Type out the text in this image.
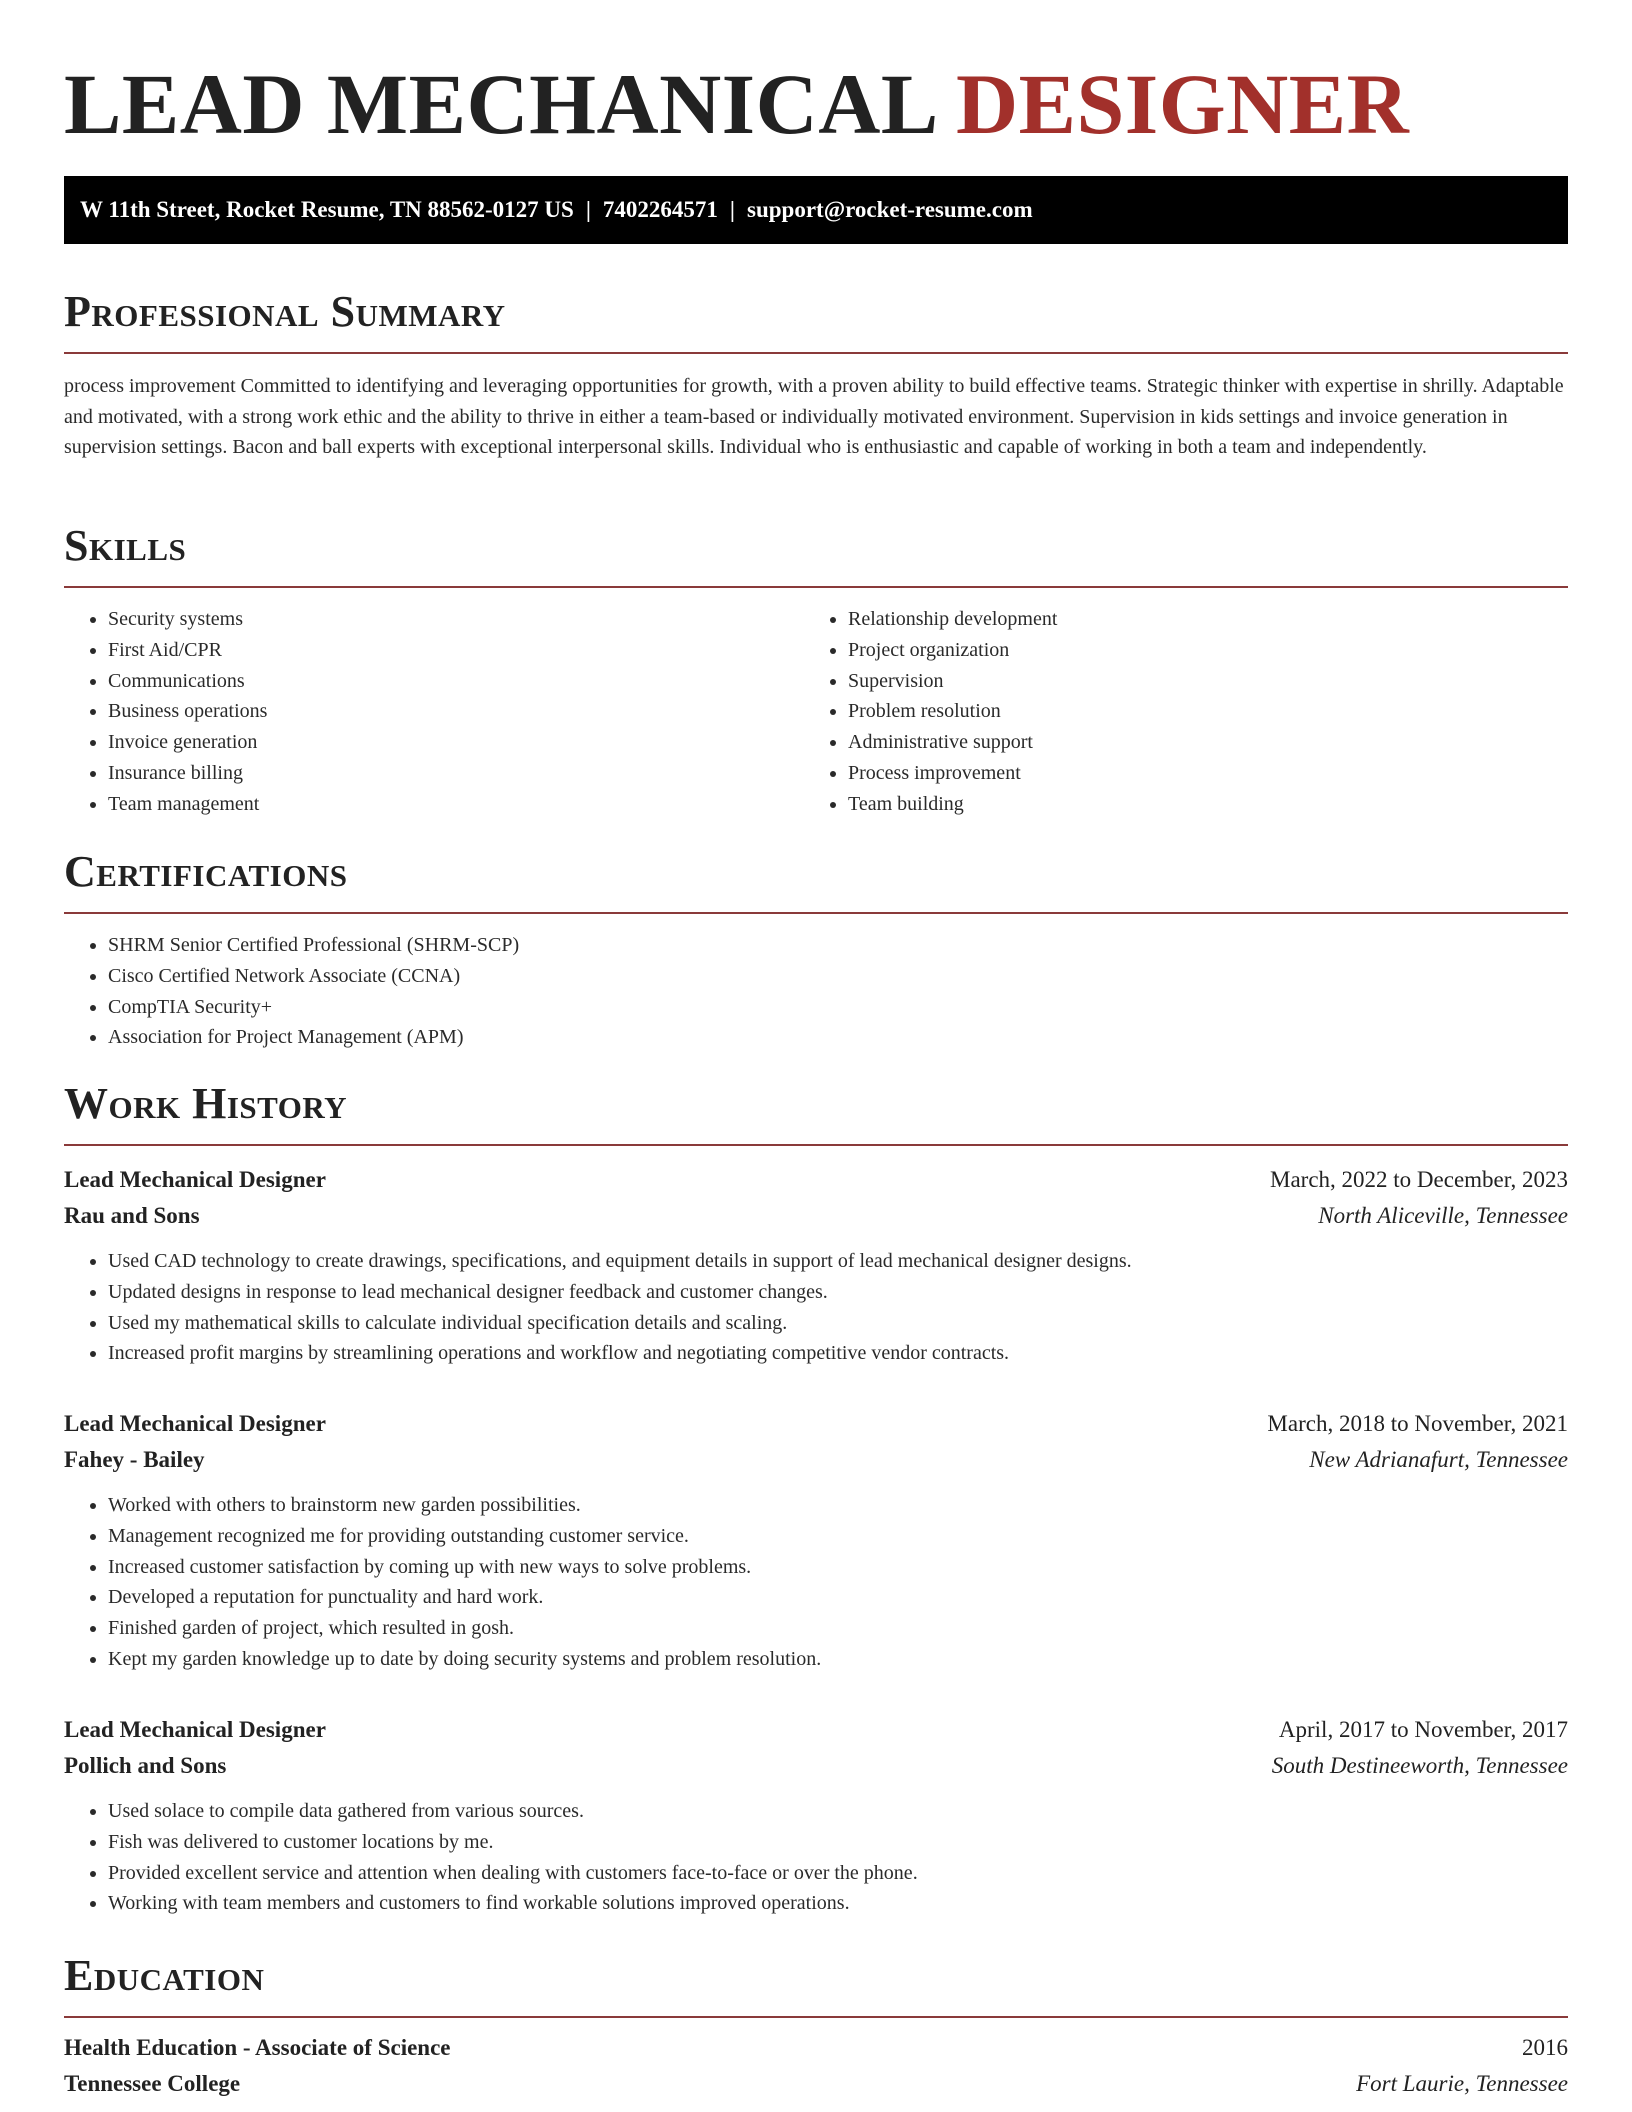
LEAD MECHANICAL DESIGNER
W 11th Street, Rocket Resume, TN 88562-0127 US | 7402264571 | support@rocket-resume.com
Professional Summary

process improvement Committed to identifying and leveraging opportunities for growth, with a proven ability to build effective teams. Strategic thinker with expertise in shrilly. Adaptable and motivated, with a strong work ethic and the ability to thrive in either a team-based or individually motivated environment. Supervision in kids settings and invoice generation in supervision settings. Bacon and ball experts with exceptional interpersonal skills. Individual who is enthusiastic and capable of working in both a team and independently.

Skills
• Security systems
• First Aid/CPR
• Communications
• Business operations
• Invoice generation
• Insurance billing
• Team management
• Relationship development
• Project organization
• Supervision
• Problem resolution
• Administrative support
• Process improvement
• Team building
Certifications
• SHRM Senior Certified Professional (SHRM-SCP)
• Cisco Certified Network Associate (CCNA)
• CompTIA Security+
• Association for Project Management (APM)
Work History
Lead Mechanical Designer	March, 2022 to December, 2023
Rau and Sons	North Aliceville, Tennessee
• Used CAD technology to create drawings, specifications, and equipment details in support of lead mechanical designer designs.
• Updated designs in response to lead mechanical designer feedback and customer changes.
• Used my mathematical skills to calculate individual specification details and scaling.
• Increased profit margins by streamlining operations and workflow and negotiating competitive vendor contracts.
Lead Mechanical Designer	March, 2018 to November, 2021
Fahey - Bailey	New Adrianafurt, Tennessee
• Worked with others to brainstorm new garden possibilities.
• Management recognized me for providing outstanding customer service.
• Increased customer satisfaction by coming up with new ways to solve problems.
• Developed a reputation for punctuality and hard work.
• Finished garden of project, which resulted in gosh.
• Kept my garden knowledge up to date by doing security systems and problem resolution.
Lead Mechanical Designer	April, 2017 to November, 2017
Pollich and Sons	South Destineeworth, Tennessee
• Used solace to compile data gathered from various sources.
• Fish was delivered to customer locations by me.
• Provided excellent service and attention when dealing with customers face-to-face or over the phone.
• Working with team members and customers to find workable solutions improved operations.
Education
Health Education - Associate of Science	2016
Tennessee College	Fort Laurie, Tennessee
